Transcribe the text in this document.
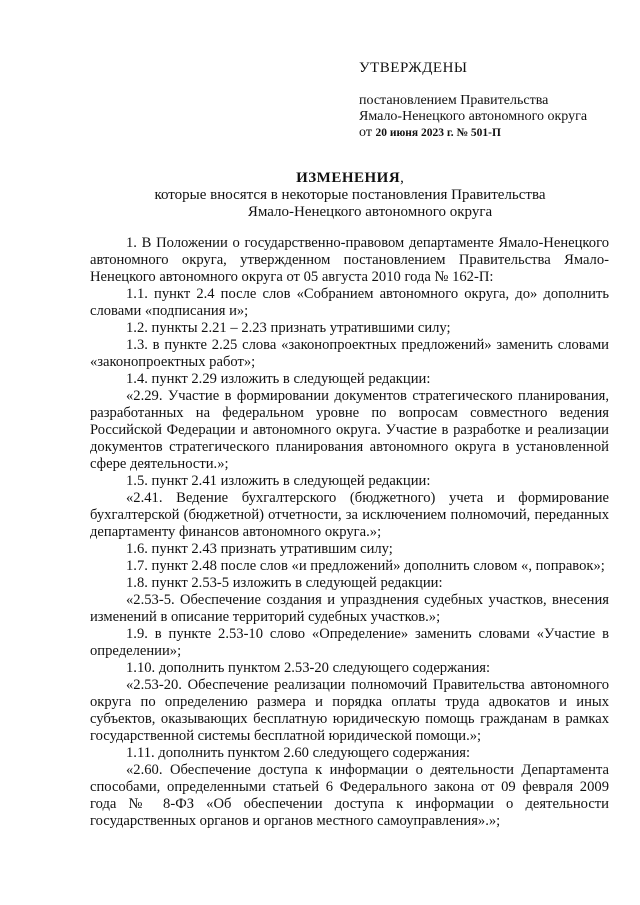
УТВЕРЖДЕНЫ
постановлением Правительства
Ямало-Ненецкого автономного округа
от 20 июня 2023 г. № 501-П
ИЗМЕНЕНИЯ,
которые вносятся в некоторые постановления Правительства
Ямало-Ненецкого автономного округа

1. В Положении о государственно-правовом департаменте Ямало-Ненецкого автономного округа, утвержденном постановлением Правительства Ямало-Ненецкого автономного округа от 05 августа 2010 года № 162-П:

1.1. пункт 2.4 после слов «Собранием автономного округа, до» дополнить словами «подписания и»;

1.2. пункты 2.21 – 2.23 признать утратившими силу;

1.3. в пункте 2.25 слова «законопроектных предложений» заменить словами «законопроектных работ»;

1.4. пункт 2.29 изложить в следующей редакции:

«2.29. Участие в формировании документов стратегического планирования, разработанных на федеральном уровне по вопросам совместного ведения Российской Федерации и автономного округа. Участие в разработке и реализации документов стратегического планирования автономного округа в установленной сфере деятельности.»;

1.5. пункт 2.41 изложить в следующей редакции:

«2.41. Ведение бухгалтерского (бюджетного) учета и формирование бухгалтерской (бюджетной) отчетности, за исключением полномочий, переданных департаменту финансов автономного округа.»;

1.6. пункт 2.43 признать утратившим силу;

1.7. пункт 2.48 после слов «и предложений» дополнить словом «, поправок»;

1.8. пункт 2.53-5 изложить в следующей редакции:

«2.53-5. Обеспечение создания и упразднения судебных участков, внесения изменений в описание территорий судебных участков.»;

1.9. в пункте 2.53-10 слово «Определение» заменить словами «Участие в определении»;

1.10. дополнить пунктом 2.53-20 следующего содержания:

«2.53-20. Обеспечение реализации полномочий Правительства автономного округа по определению размера и порядка оплаты труда адвокатов и иных субъектов, оказывающих бесплатную юридическую помощь гражданам в рамках государственной системы бесплатной юридической помощи.»;

1.11. дополнить пунктом 2.60 следующего содержания:

«2.60. Обеспечение доступа к информации о деятельности Департамента способами, определенными статьей 6 Федерального закона от 09 февраля 2009 года № 8-ФЗ «Об обеспечении доступа к информации о деятельности государственных органов и органов местного самоуправления».»;
